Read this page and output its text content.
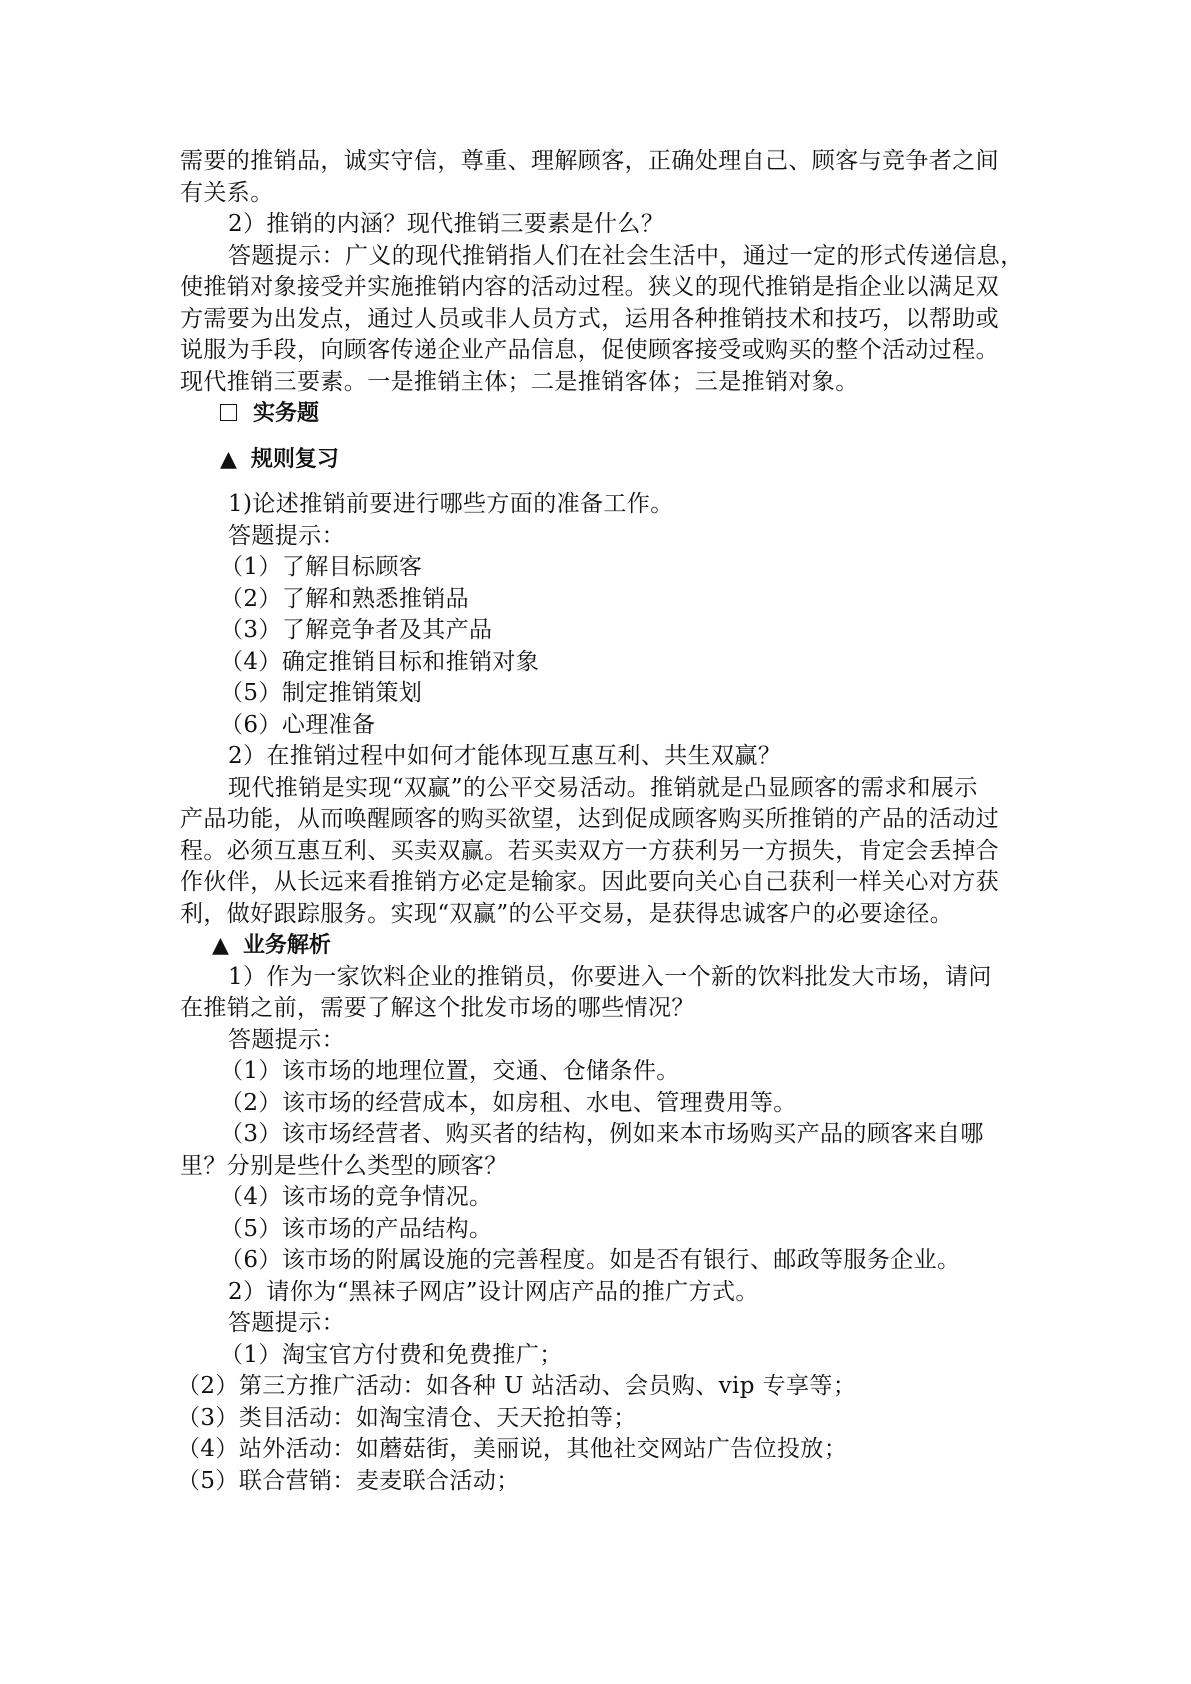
需要的推销品，诚实守信，尊重、理解顾客，正确处理自己、顾客与竞争者之间
有关系。
2）推销的内涵？现代推销三要素是什么？
答题提示：广义的现代推销指人们在社会生活中，通过一定的形式传递信息，
使推销对象接受并实施推销内容的活动过程。狭义的现代推销是指企业以满足双
方需要为出发点，通过人员或非人员方式，运用各种推销技术和技巧，以帮助或
说服为手段，向顾客传递企业产品信息，促使顾客接受或购买的整个活动过程。
现代推销三要素。一是推销主体；二是推销客体；三是推销对象。
实务题
▲ 规则复习
1)论述推销前要进行哪些方面的准备工作。
答题提示：
（1）了解目标顾客
（2）了解和熟悉推销品
（3）了解竞争者及其产品
（4）确定推销目标和推销对象
（5）制定推销策划
（6）心理准备
2）在推销过程中如何才能体现互惠互利、共生双赢？
现代推销是实现“双赢”的公平交易活动。推销就是凸显顾客的需求和展示
产品功能，从而唤醒顾客的购买欲望，达到促成顾客购买所推销的产品的活动过
程。必须互惠互利、买卖双赢。若买卖双方一方获利另一方损失，肯定会丢掉合
作伙伴，从长远来看推销方必定是输家。因此要向关心自己获利一样关心对方获
利，做好跟踪服务。实现“双赢”的公平交易，是获得忠诚客户的必要途径。
▲ 业务解析
1）作为一家饮料企业的推销员，你要进入一个新的饮料批发大市场，请问
在推销之前，需要了解这个批发市场的哪些情况？
答题提示：
（1）该市场的地理位置，交通、仓储条件。
（2）该市场的经营成本，如房租、水电、管理费用等。
（3）该市场经营者、购买者的结构，例如来本市场购买产品的顾客来自哪
里？分别是些什么类型的顾客？
（4）该市场的竞争情况。
（5）该市场的产品结构。
（6）该市场的附属设施的完善程度。如是否有银行、邮政等服务企业。
2）请你为“黑袜子网店”设计网店产品的推广方式。
答题提示：
（1）淘宝官方付费和免费推广；
（2）第三方推广活动：如各种 U 站活动、会员购、vip 专享等；
（3）类目活动：如淘宝清仓、天天抢拍等；
（4）站外活动：如蘑菇街，美丽说，其他社交网站广告位投放；
（5）联合营销：麦麦联合活动；
